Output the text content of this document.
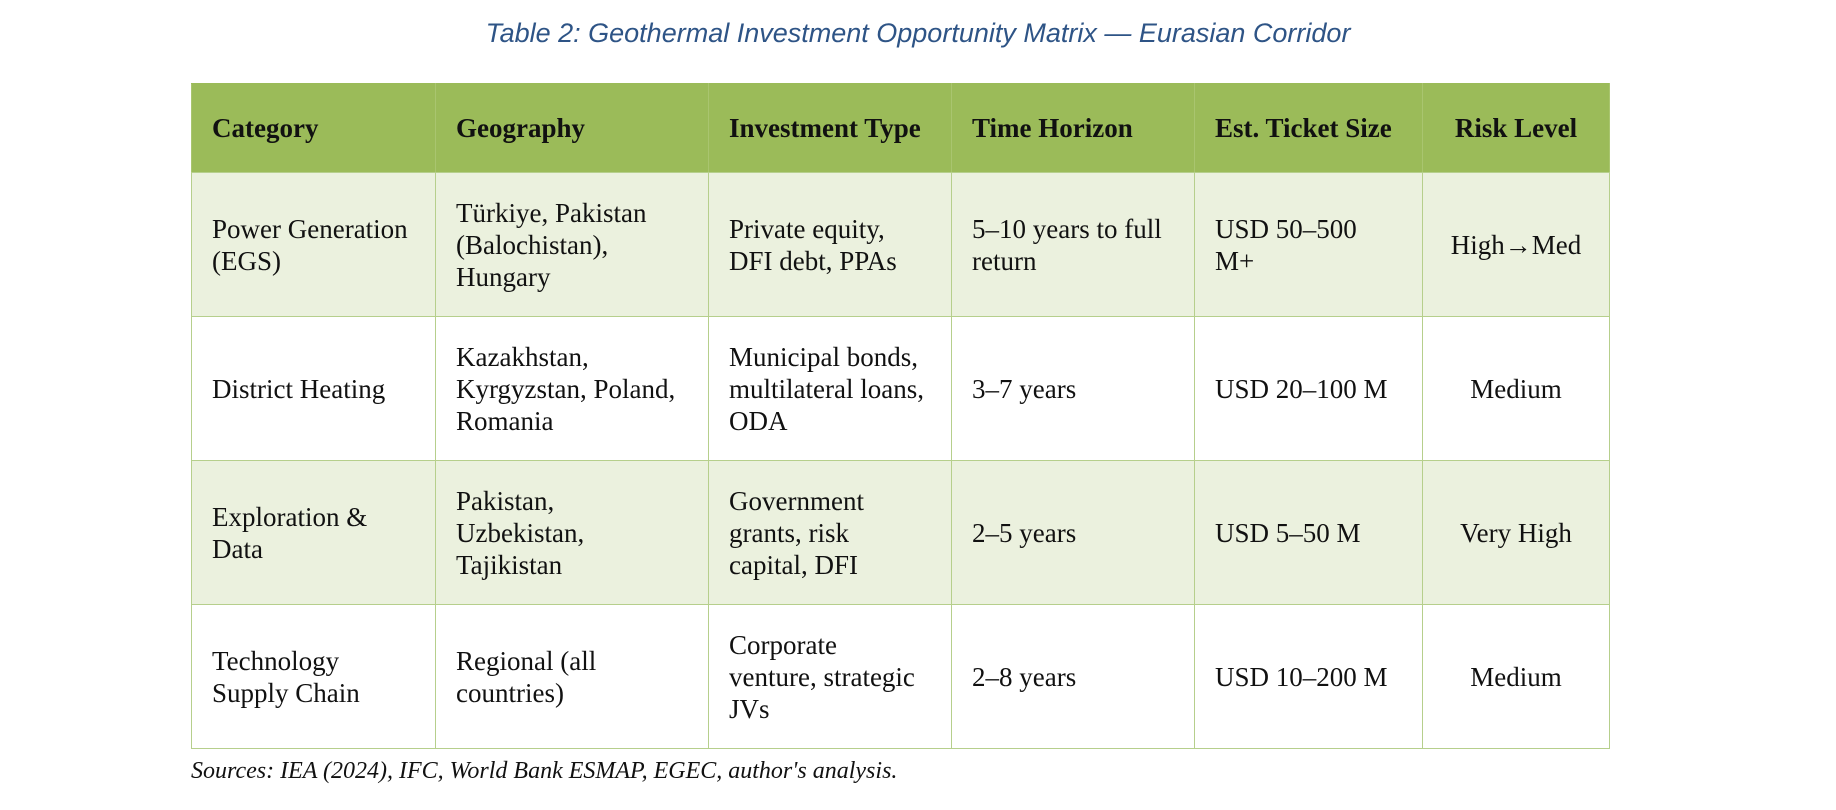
Table 2: Geothermal Investment Opportunity Matrix — Eurasian Corridor
Category	Geography	Investment Type	Time Horizon	Est. Ticket Size	Risk Level
Power Generation (EGS)	Türkiye, Pakistan (Balochistan), Hungary	Private equity, DFI debt, PPAs	5–10 years to full return	USD 50–500 M+	High→Med
District Heating	Kazakhstan, Kyrgyzstan, Poland, Romania	Municipal bonds, multilateral loans, ODA	3–7 years	USD 20–100 M	Medium
Exploration & Data	Pakistan, Uzbekistan, Tajikistan	Government grants, risk capital, DFI	2–5 years	USD 5–50 M	Very High
Technology Supply Chain	Regional (all countries)	Corporate venture, strategic JVs	2–8 years	USD 10–200 M	Medium
Sources: IEA (2024), IFC, World Bank ESMAP, EGEC, author's analysis.
